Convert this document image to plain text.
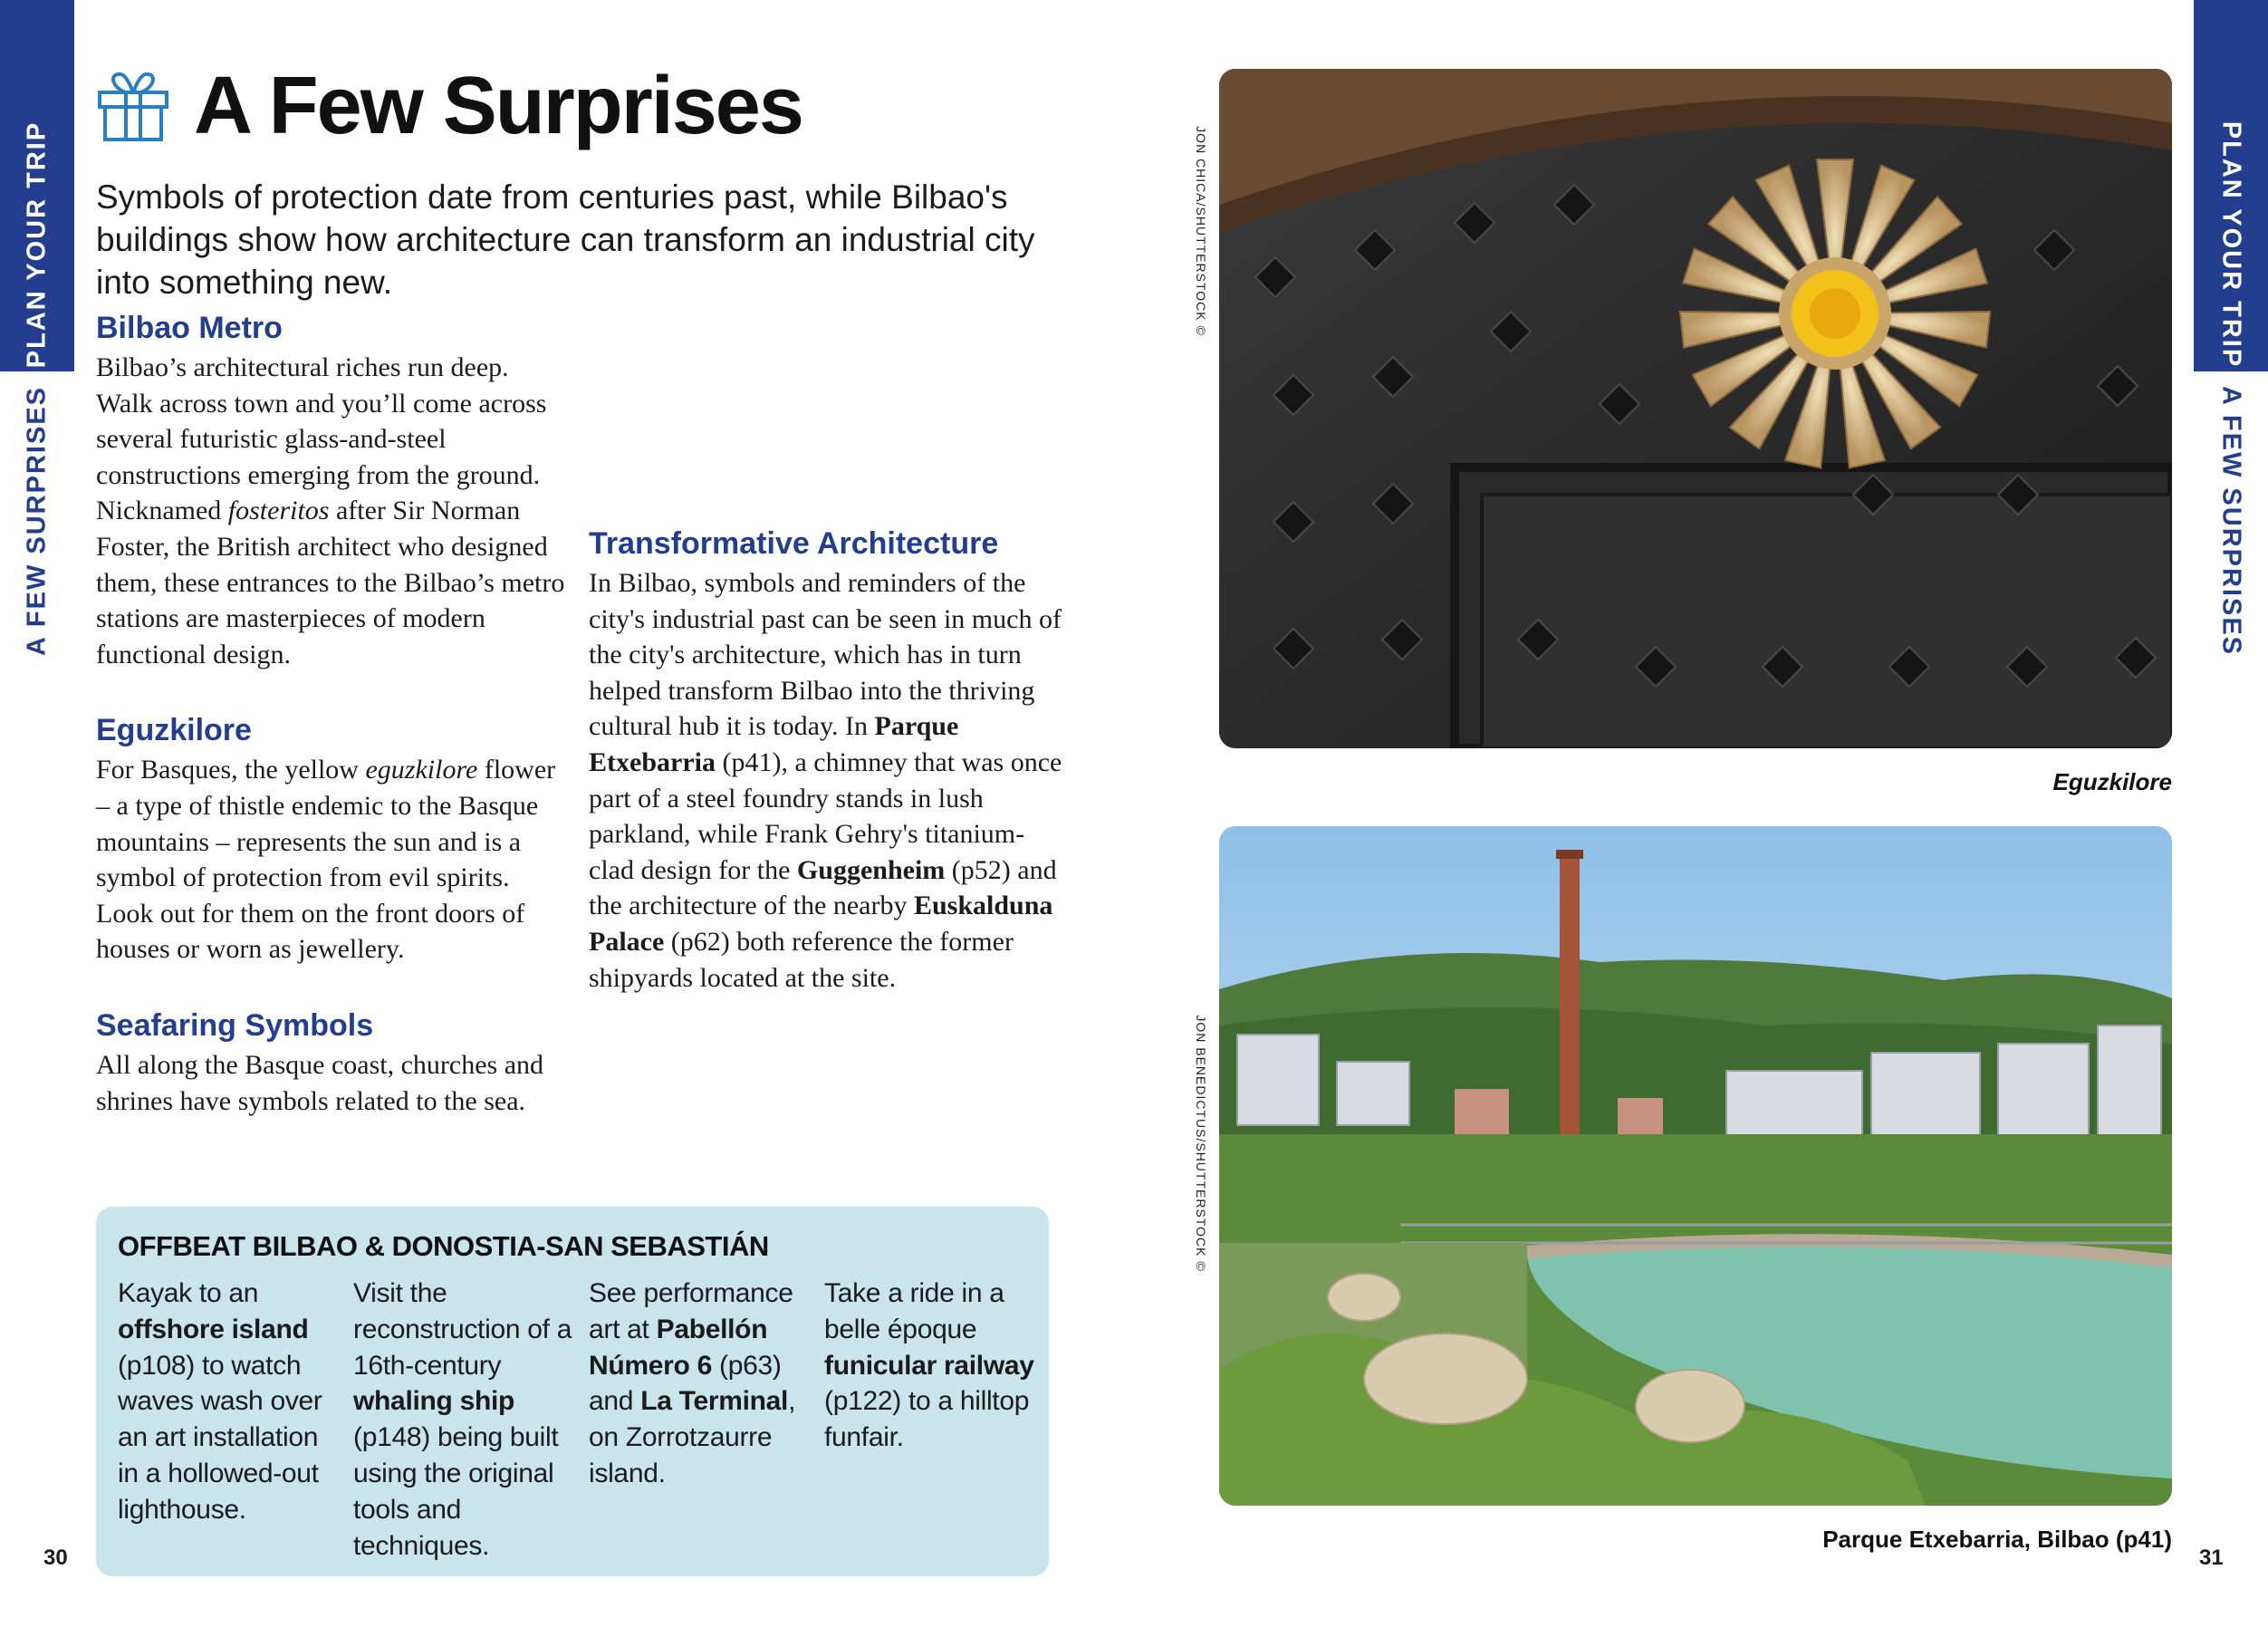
PLAN YOUR TRIP
A FEW SURPRISES
30
PLAN YOUR TRIP
A FEW SURPRISES
31
A Few Surprises

Symbols of protection date from centuries past, while Bilbao's buildings show how architecture can transform an industrial city into something new.

Bilbao Metro

Bilbao’s architectural riches run deep. Walk across town and you’ll come across several futuristic glass-and-steel constructions emerging from the ground. Nicknamed fosteritos after Sir Norman Foster, the British architect who designed them, these entrances to the Bilbao’s metro stations are masterpieces of modern functional design.

Eguzkilore

For Basques, the yellow eguzkilore flower – a type of thistle endemic to the Basque mountains – represents the sun and is a symbol of protection from evil spirits. Look out for them on the front doors of houses or worn as jewellery.

Seafaring Symbols

All along the Basque coast, churches and shrines have symbols related to the sea.

Transformative Architecture

In Bilbao, symbols and reminders of the city's industrial past can be seen in much of the city's architecture, which has in turn helped transform Bilbao into the thriving cultural hub it is today. In Parque Etxebarria (p41), a chimney that was once part of a steel foundry stands in lush parkland, while Frank Gehry's titanium-clad design for the Guggenheim (p52) and the architecture of the nearby Euskalduna Palace (p62) both reference the former shipyards located at the site.

OFFBEAT BILBAO & DONOSTIA-SAN SEBASTIÁN
Kayak to an offshore island (p108) to watch waves wash over an art installation in a hollowed-out lighthouse.
Visit the reconstruction of a 16th-century whaling ship (p148) being built using the original tools and techniques.
See performance art at Pabellón Número 6 (p63) and La Terminal, on Zorrotzaurre island.
Take a ride in a belle époque funicular railway (p122) to a hilltop funfair.
JON CHICA/SHUTTERSTOCK ©
Eguzkilore
JON BENEDICTUS/SHUTTERSTOCK ©
Parque Etxebarria, Bilbao (p41)
